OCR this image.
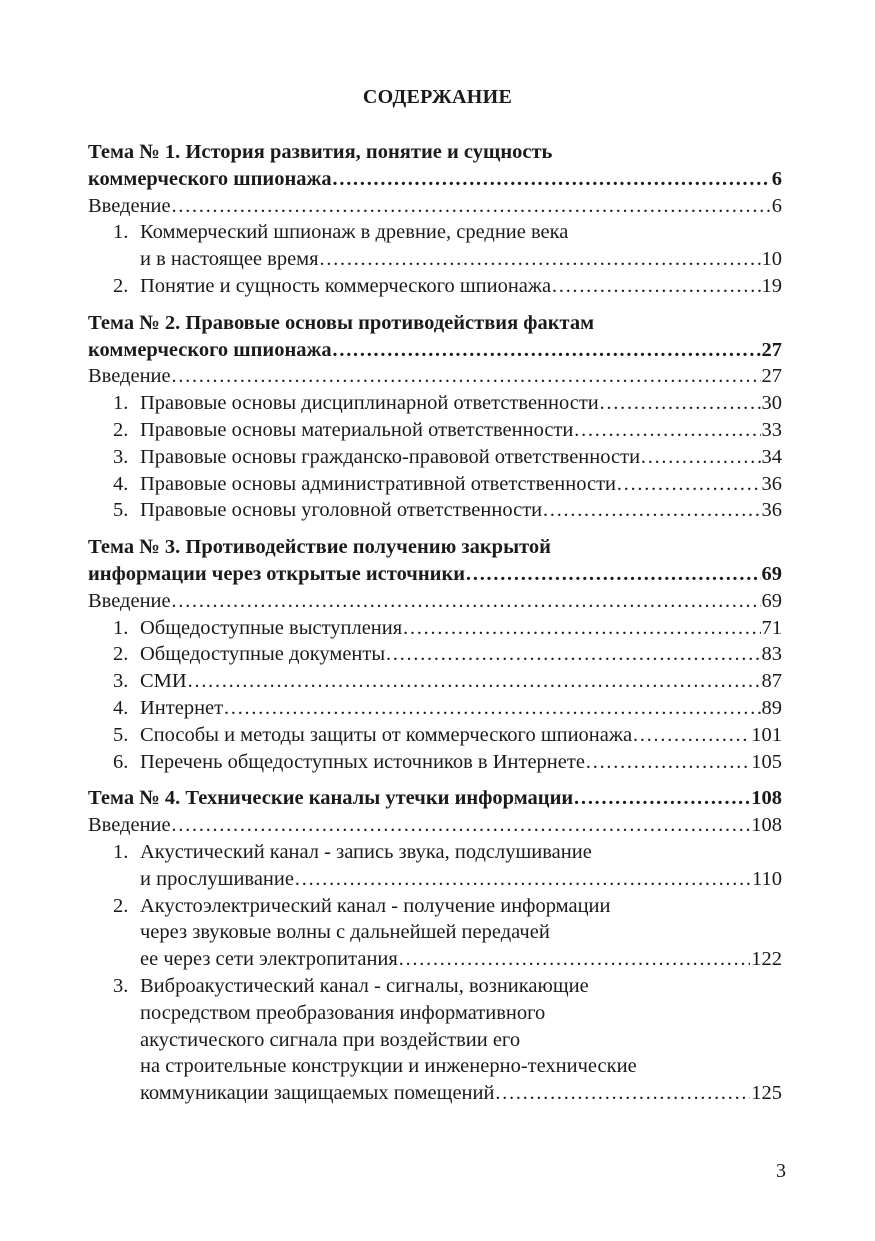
СОДЕРЖАНИЕ
Тема № 1. История развития, понятие и сущность
коммерческого шпионажа ……………………………………………………………………………………………………………………………………………	6
Введение ……………………………………………………………………………………………………………………………………………	6
1. Коммерческий шпионаж в древние, средние века
и в настоящее время ……………………………………………………………………………………………………………………………………………	10
2. Понятие и сущность коммерческого шпионажа ……………………………………………………………………………………………………………………………………………	19
Тема № 2. Правовые основы противодействия фактам
коммерческого шпионажа ……………………………………………………………………………………………………………………………………………	27
Введение ……………………………………………………………………………………………………………………………………………	27
1. Правовые основы дисциплинарной ответственности ……………………………………………………………………………………………………………………………………………	30
2. Правовые основы материальной ответственности ……………………………………………………………………………………………………………………………………………	33
3. Правовые основы гражданско-правовой ответственности ……………………………………………………………………………………………………………………………………………	34
4. Правовые основы административной ответственности ……………………………………………………………………………………………………………………………………………	36
5. Правовые основы уголовной ответственности ……………………………………………………………………………………………………………………………………………	36
Тема № 3. Противодействие получению закрытой
информации через открытые источники ……………………………………………………………………………………………………………………………………………	69
Введение ……………………………………………………………………………………………………………………………………………	69
1. Общедоступные выступления ……………………………………………………………………………………………………………………………………………	71
2. Общедоступные документы ……………………………………………………………………………………………………………………………………………	83
3. СМИ ……………………………………………………………………………………………………………………………………………	87
4. Интернет ……………………………………………………………………………………………………………………………………………	89
5. Способы и методы защиты от коммерческого шпионажа ……………………………………………………………………………………………………………………………………………	101
6. Перечень общедоступных источников в Интернете ……………………………………………………………………………………………………………………………………………	105
Тема № 4. Технические каналы утечки информации ……………………………………………………………………………………………………………………………………………	108
Введение ……………………………………………………………………………………………………………………………………………	108
1. Акустический канал - запись звука, подслушивание
и прослушивание ……………………………………………………………………………………………………………………………………………	110
2. Акустоэлектрический канал - получение информации
через звуковые волны с дальнейшей передачей
ее через сети электропитания ……………………………………………………………………………………………………………………………………………	122
3. Виброакустический канал - сигналы, возникающие
посредством преобразования информативного
акустического сигнала при воздействии его
на строительные конструкции и инженерно-технические
коммуникации защищаемых помещений ……………………………………………………………………………………………………………………………………………	125
3
